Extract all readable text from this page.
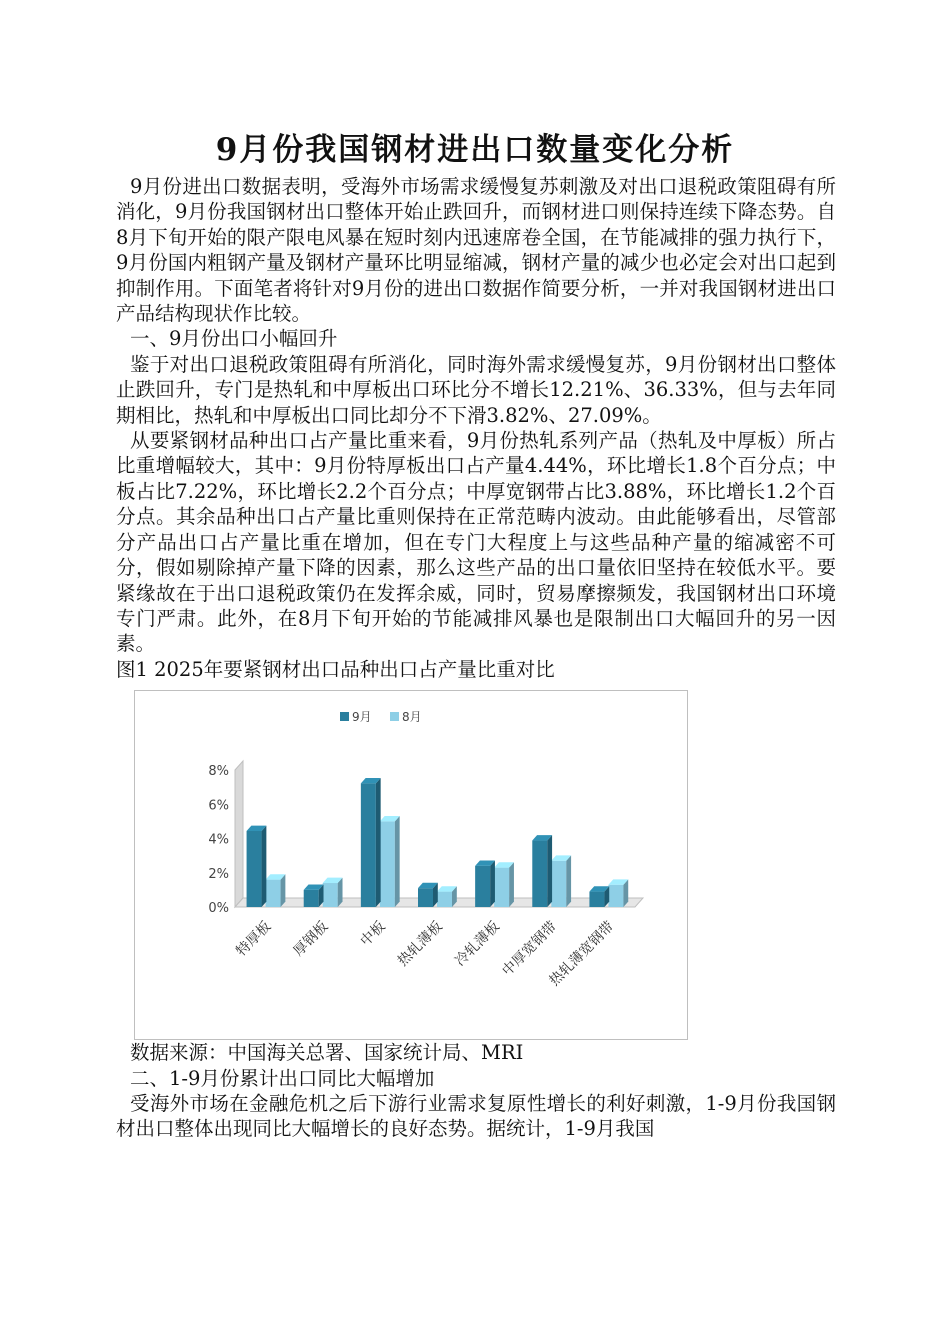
9月份我国钢材进出口数量变化分析

9月份进出口数据表明，受海外市场需求缓慢复苏刺激及对出口退税政策阻碍有所消化，9月份我国钢材出口整体开始止跌回升，而钢材进口则保持连续下降态势。自8月下旬开始的限产限电风暴在短时刻内迅速席卷全国，在节能减排的强力执行下，9月份国内粗钢产量及钢材产量环比明显缩减，钢材产量的减少也必定会对出口起到抑制作用。下面笔者将针对9月份的进出口数据作简要分析，一并对我国钢材进出口产品结构现状作比较。

一、9月份出口小幅回升

鉴于对出口退税政策阻碍有所消化，同时海外需求缓慢复苏，9月份钢材出口整体止跌回升，专门是热轧和中厚板出口环比分不增长12.21%、36.33%，但与去年同期相比，热轧和中厚板出口同比却分不下滑3.82%、27.09%。

从要紧钢材品种出口占产量比重来看，9月份热轧系列产品（热轧及中厚板）所占比重增幅较大，其中：9月份特厚板出口占产量4.44%，环比增长1.8个百分点；中板占比7.22%，环比增长2.2个百分点；中厚宽钢带占比3.88%，环比增长1.2个百分点。其余品种出口占产量比重则保持在正常范畴内波动。由此能够看出，尽管部分产品出口占产量比重在增加，但在专门大程度上与这些品种产量的缩减密不可分，假如剔除掉产量下降的因素，那么这些产品的出口量依旧坚持在较低水平。要紧缘故在于出口退税政策仍在发挥余威，同时，贸易摩擦频发，我国钢材出口环境专门严肃。此外，在8月下旬开始的节能减排风暴也是限制出口大幅回升的另一因素。

图1 2025年要紧钢材出口品种出口占产量比重对比

8%
6%
4%
2%
0%
9月	8月
特厚板 厚钢板 中板 热轧薄板 冷轧薄板
中厚宽钢带
热轧薄宽钢带

数据来源：中国海关总署、国家统计局、MRI

二、1-9月份累计出口同比大幅增加

受海外市场在金融危机之后下游行业需求复原性增长的利好刺激，1-9月份我国钢材出口整体出现同比大幅增长的良好态势。据统计，1-9月我国
